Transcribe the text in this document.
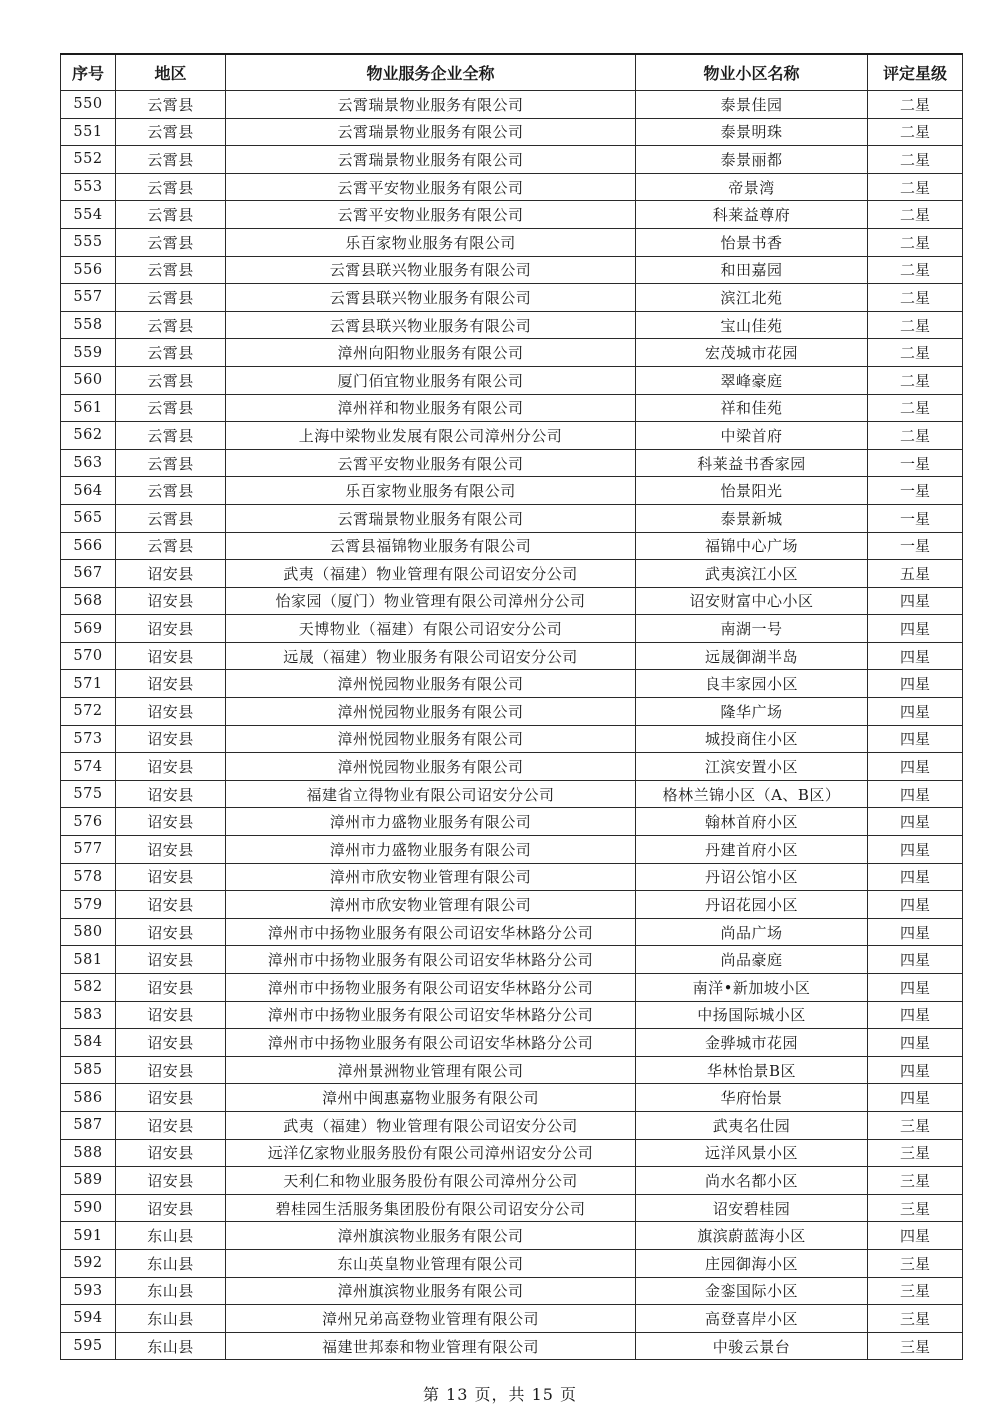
序号	地区	物业服务企业全称	物业小区名称	评定星级
550	云霄县	云霄瑞景物业服务有限公司	泰景佳园	二星
551	云霄县	云霄瑞景物业服务有限公司	泰景明珠	二星
552	云霄县	云霄瑞景物业服务有限公司	泰景丽都	二星
553	云霄县	云霄平安物业服务有限公司	帝景湾	二星
554	云霄县	云霄平安物业服务有限公司	科莱益尊府	二星
555	云霄县	乐百家物业服务有限公司	怡景书香	二星
556	云霄县	云霄县联兴物业服务有限公司	和田嘉园	二星
557	云霄县	云霄县联兴物业服务有限公司	滨江北苑	二星
558	云霄县	云霄县联兴物业服务有限公司	宝山佳苑	二星
559	云霄县	漳州向阳物业服务有限公司	宏茂城市花园	二星
560	云霄县	厦门佰宜物业服务有限公司	翠峰豪庭	二星
561	云霄县	漳州祥和物业服务有限公司	祥和佳苑	二星
562	云霄县	上海中梁物业发展有限公司漳州分公司	中梁首府	二星
563	云霄县	云霄平安物业服务有限公司	科莱益书香家园	一星
564	云霄县	乐百家物业服务有限公司	怡景阳光	一星
565	云霄县	云霄瑞景物业服务有限公司	泰景新城	一星
566	云霄县	云霄县福锦物业服务有限公司	福锦中心广场	一星
567	诏安县	武夷（福建）物业管理有限公司诏安分公司	武夷滨江小区	五星
568	诏安县	怡家园（厦门）物业管理有限公司漳州分公司	诏安财富中心小区	四星
569	诏安县	天博物业（福建）有限公司诏安分公司	南湖一号	四星
570	诏安县	远晟（福建）物业服务有限公司诏安分公司	远晟御湖半岛	四星
571	诏安县	漳州悦园物业服务有限公司	良丰家园小区	四星
572	诏安县	漳州悦园物业服务有限公司	隆华广场	四星
573	诏安县	漳州悦园物业服务有限公司	城投商住小区	四星
574	诏安县	漳州悦园物业服务有限公司	江滨安置小区	四星
575	诏安县	福建省立得物业有限公司诏安分公司	格林兰锦小区（A、B区）	四星
576	诏安县	漳州市力盛物业服务有限公司	翰林首府小区	四星
577	诏安县	漳州市力盛物业服务有限公司	丹建首府小区	四星
578	诏安县	漳州市欣安物业管理有限公司	丹诏公馆小区	四星
579	诏安县	漳州市欣安物业管理有限公司	丹诏花园小区	四星
580	诏安县	漳州市中扬物业服务有限公司诏安华林路分公司	尚品广场	四星
581	诏安县	漳州市中扬物业服务有限公司诏安华林路分公司	尚品豪庭	四星
582	诏安县	漳州市中扬物业服务有限公司诏安华林路分公司	南洋•新加坡小区	四星
583	诏安县	漳州市中扬物业服务有限公司诏安华林路分公司	中扬国际城小区	四星
584	诏安县	漳州市中扬物业服务有限公司诏安华林路分公司	金骅城市花园	四星
585	诏安县	漳州景洲物业管理有限公司	华林怡景B区	四星
586	诏安县	漳州中闽惠嘉物业服务有限公司	华府怡景	四星
587	诏安县	武夷（福建）物业管理有限公司诏安分公司	武夷名仕园	三星
588	诏安县	远洋亿家物业服务股份有限公司漳州诏安分公司	远洋风景小区	三星
589	诏安县	天利仁和物业服务股份有限公司漳州分公司	尚水名都小区	三星
590	诏安县	碧桂园生活服务集团股份有限公司诏安分公司	诏安碧桂园	三星
591	东山县	漳州旗滨物业服务有限公司	旗滨蔚蓝海小区	四星
592	东山县	东山英皇物业管理有限公司	庄园御海小区	三星
593	东山县	漳州旗滨物业服务有限公司	金銮国际小区	三星
594	东山县	漳州兄弟高登物业管理有限公司	高登喜岸小区	三星
595	东山县	福建世邦泰和物业管理有限公司	中骏云景台	三星
第 13 页，共 15 页
